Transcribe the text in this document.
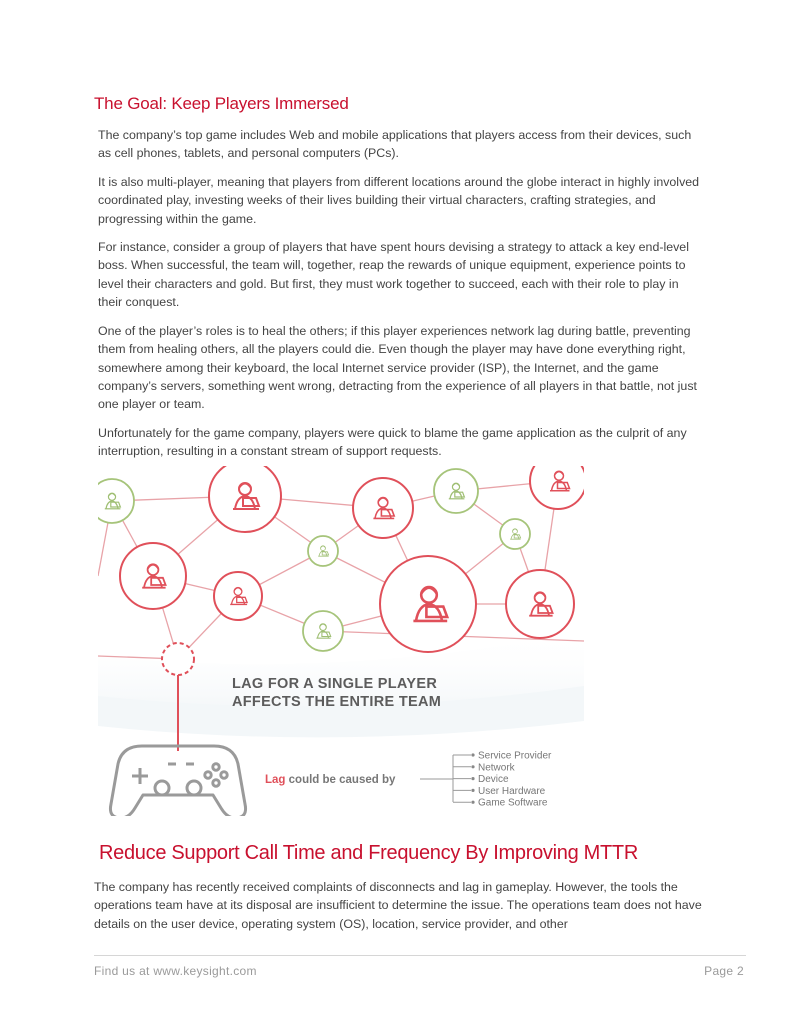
The Goal: Keep Players Immersed

The company’s top game includes Web and mobile applications that players access from their devices, such as cell phones, tablets, and personal computers (PCs).

It is also multi-player, meaning that players from different locations around the globe interact in highly involved coordinated play, investing weeks of their lives building their virtual characters, crafting strategies, and progressing within the game.

For instance, consider a group of players that have spent hours devising a strategy to attack a key end-level boss. When successful, the team will, together, reap the rewards of unique equipment, experience points to level their characters and gold. But first, they must work together to succeed, each with their role to play in their conquest.

One of the player’s roles is to heal the others; if this player experiences network lag during battle, preventing them from healing others, all the players could die. Even though the player may have done everything right, somewhere among their keyboard, the local Internet service provider (ISP), the Internet, and the game company’s servers, something went wrong, detracting from the experience of all players in that battle, not just one player or team.

Unfortunately for the game company, players were quick to blame the game application as the culprit of any interruption, resulting in a constant stream of support requests.

LAG FOR A SINGLE PLAYER
AFFECTS THE ENTIRE TEAM
Lag could be caused by
Service Provider
Network
Device
User Hardware
Game Software
Reduce Support Call Time and Frequency By Improving MTTR

The company has recently received complaints of disconnects and lag in gameplay. However, the tools the operations team have at its disposal are insufficient to determine the issue. The operations team does not have details on the user device, operating system (OS), location, service provider, and other

Find us at www.keysight.com	Page 2
